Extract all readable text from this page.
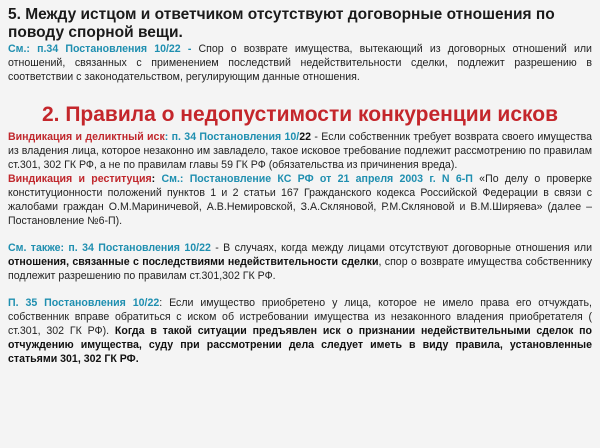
5. Между истцом и ответчиком отсутствуют договорные отношения по поводу спорной вещи.

См.: п.34 Постановления 10/22 - Спор о возврате имущества, вытекающий из договорных отношений или отношений, связанных с применением последствий недействительности сделки, подлежит разрешению в соответствии с законодательством, регулирующим данные отношения.

2. Правила о недопустимости конкуренции исков

Виндикация и деликтный иск: п. 34 Постановления 10/22 - Если собственник требует возврата своего имущества из владения лица, которое незаконно им завладело, такое исковое требование подлежит рассмотрению по правилам ст.301, 302 ГК РФ, а не по правилам главы 59 ГК РФ (обязательства из причинения вреда).

Виндикация и реституция: См.: Постановление КС РФ от 21 апреля 2003 г. N 6-П «По делу о проверке конституционности положений пунктов 1 и 2 статьи 167 Гражданского кодекса Российской Федерации в связи с жалобами граждан О.М.Мариничевой, А.В.Немировской, З.А.Скляновой, Р.М.Скляновой и В.М.Ширяева» (далее – Постановление №6-П).

См. также: п. 34 Постановления 10/22 - В случаях, когда между лицами отсутствуют договорные отношения или отношения, связанные с последствиями недействительности сделки, спор о возврате имущества собственнику подлежит разрешению по правилам ст.301,302 ГК РФ.

П. 35 Постановления 10/22: Если имущество приобретено у лица, которое не имело права его отчуждать, собственник вправе обратиться с иском об истребовании имущества из незаконного владения приобретателя ( ст.301, 302 ГК РФ). Когда в такой ситуации предъявлен иск о признании недействительными сделок по отчуждению имущества, суду при рассмотрении дела следует иметь в виду правила, установленные статьями 301, 302 ГК РФ.
